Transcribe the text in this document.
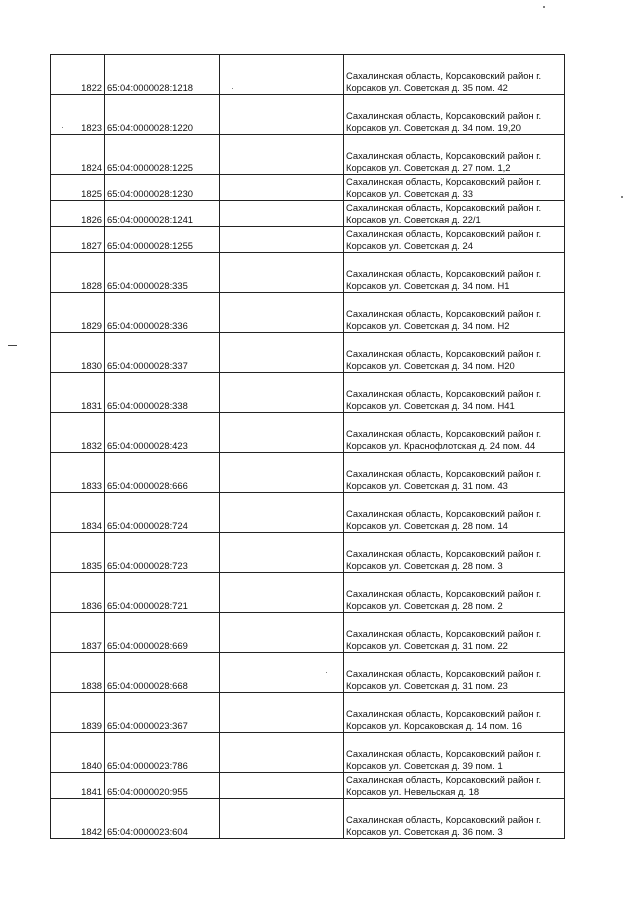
1822	65:04:0000028:1218		Сахалинская область, Корсаковский район г.
Корсаков ул. Советская д. 35 пом. 42

1823	65:04:0000028:1220		Сахалинская область, Корсаковский район г.
Корсаков ул. Советская д. 34 пом. 19,20

1824	65:04:0000028:1225		Сахалинская область, Корсаковский район г.
Корсаков ул. Советская д. 27 пом. 1,2

1825	65:04:0000028:1230		Сахалинская область, Корсаковский район г.
Корсаков ул. Советская д. 33

1826	65:04:0000028:1241		Сахалинская область, Корсаковский район г.
Корсаков ул. Советская д. 22/1

1827	65:04:0000028:1255		Сахалинская область, Корсаковский район г.
Корсаков ул. Советская д. 24

1828	65:04:0000028:335		Сахалинская область, Корсаковский район г.
Корсаков ул. Советская д. 34 пом. Н1

1829	65:04:0000028:336		Сахалинская область, Корсаковский район г.
Корсаков ул. Советская д. 34 пом. Н2

1830	65:04:0000028:337		Сахалинская область, Корсаковский район г.
Корсаков ул. Советская д. 34 пом. Н20

1831	65:04:0000028:338		Сахалинская область, Корсаковский район г.
Корсаков ул. Советская д. 34 пом. Н41

1832	65:04:0000028:423		Сахалинская область, Корсаковский район г.
Корсаков ул. Краснофлотская д. 24 пом. 44

1833	65:04:0000028:666		Сахалинская область, Корсаковский район г.
Корсаков ул. Советская д. 31 пом. 43

1834	65:04:0000028:724		Сахалинская область, Корсаковский район г.
Корсаков ул. Советская д. 28 пом. 14

1835	65:04:0000028:723		Сахалинская область, Корсаковский район г.
Корсаков ул. Советская д. 28 пом. 3

1836	65:04:0000028:721		Сахалинская область, Корсаковский район г.
Корсаков ул. Советская д. 28 пом. 2

1837	65:04:0000028:669		Сахалинская область, Корсаковский район г.
Корсаков ул. Советская д. 31 пом. 22

1838	65:04:0000028:668		Сахалинская область, Корсаковский район г.
Корсаков ул. Советская д. 31 пом. 23

1839	65:04:0000023:367		Сахалинская область, Корсаковский район г.
Корсаков ул. Корсаковская д. 14 пом. 16

1840	65:04:0000023:786		Сахалинская область, Корсаковский район г.
Корсаков ул. Советская д. 39 пом. 1

1841	65:04:0000020:955		Сахалинская область, Корсаковский район г.
Корсаков ул. Невельская д. 18

1842	65:04:0000023:604		Сахалинская область, Корсаковский район г.
Корсаков ул. Советская д. 36 пом. 3
